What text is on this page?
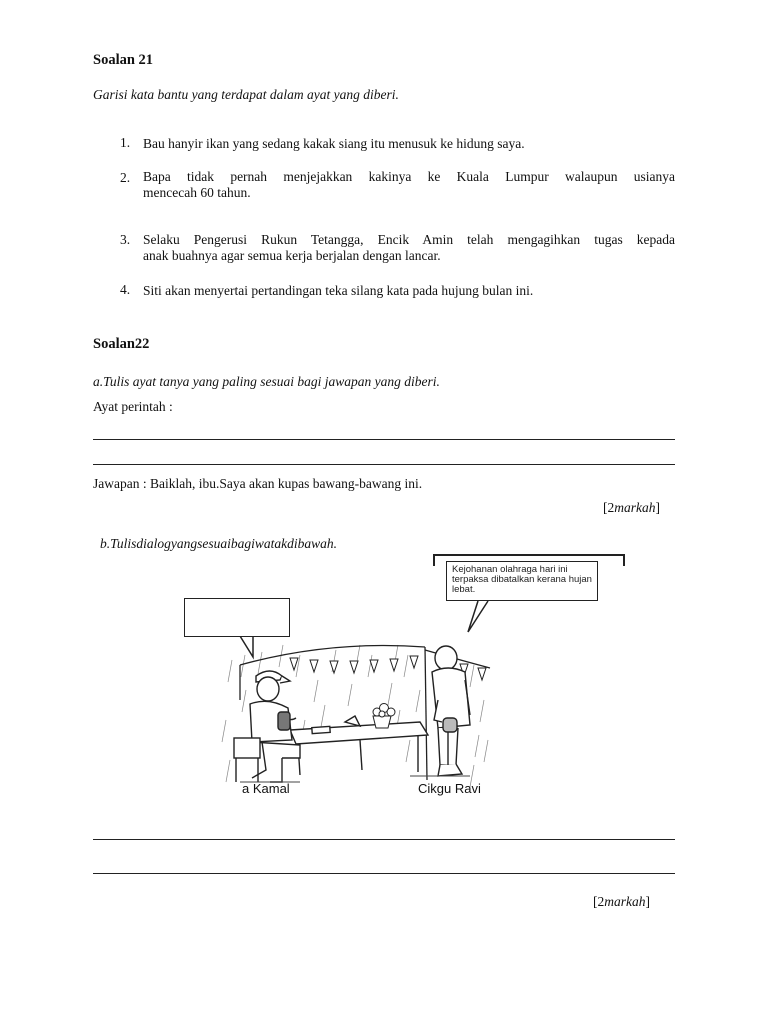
Soalan 21
Garisi kata bantu yang terdapat dalam ayat yang diberi.
1. Bau hanyir ikan yang sedang kakak siang itu menusuk ke hidung saya.
2. Bapa tidak pernah menjejakkan kakinya ke Kuala Lumpur walaupun usianya
mencecah 60 tahun.
3. Selaku Pengerusi Rukun Tetangga, Encik Amin telah mengagihkan tugas kepada
anak buahnya agar semua kerja berjalan dengan lancar.
4. Siti akan menyertai pertandingan teka silang kata pada hujung bulan ini.
Soalan22
a.Tulis ayat tanya yang paling sesuai bagi jawapan yang diberi.
Ayat perintah :
Jawapan : Baiklah, ibu.Saya akan kupas bawang-bawang ini.
[2markah]
b.Tulisdialogyangsesuaibagiwatakdibawah.
Kejohanan olahraga hari ini terpaksa dibatalkan kerana hujan lebat.
a Kamal	Cikgu Ravi
[2markah]
